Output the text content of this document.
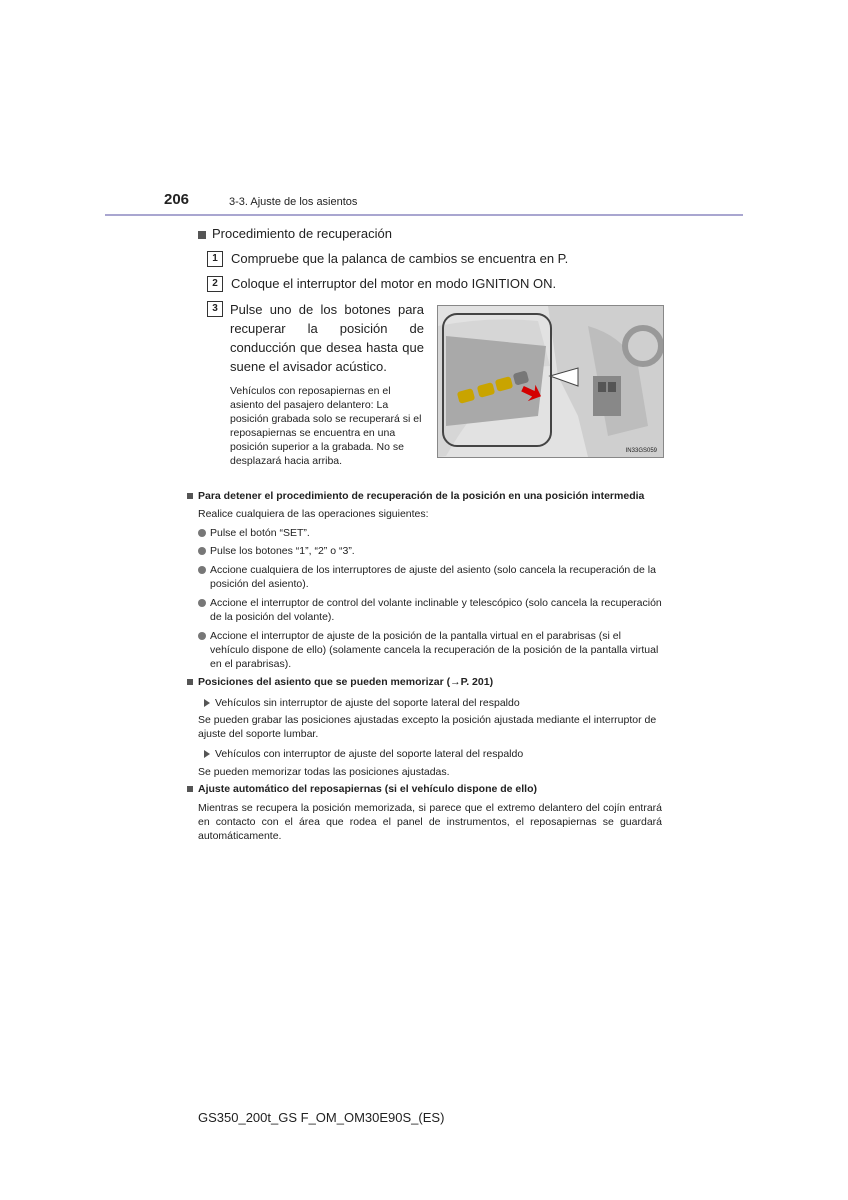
206	3-3. Ajuste de los asientos
Procedimiento de recuperación
1 Compruebe que la palanca de cambios se encuentra en P.
2 Coloque el interruptor del motor en modo IGNITION ON.
3 Pulse uno de los botones para recuperar la posición de conducción que desea hasta que suene el avisador acústico.
Vehículos con reposapiernas en el asiento del pasajero delantero: La posición grabada solo se recuperará si el reposapiernas se encuentra en una posición superior a la grabada. No se desplazará hacia arriba.
IN33GS059
Para detener el procedimiento de recuperación de la posición en una posición intermedia
Realice cualquiera de las operaciones siguientes:
Pulse el botón “SET”.
Pulse los botones “1”, “2” o “3”.
Accione cualquiera de los interruptores de ajuste del asiento (solo cancela la recuperación de la posición del asiento).
Accione el interruptor de control del volante inclinable y telescópico (solo cancela la recuperación de la posición del volante).
Accione el interruptor de ajuste de la posición de la pantalla virtual en el parabrisas (si el vehículo dispone de ello) (solamente cancela la recuperación de la posición de la pantalla virtual en el parabrisas).
Posiciones del asiento que se pueden memorizar (→P. 201)
Vehículos sin interruptor de ajuste del soporte lateral del respaldo
Se pueden grabar las posiciones ajustadas excepto la posición ajustada mediante el interruptor de ajuste del soporte lumbar.
Vehículos con interruptor de ajuste del soporte lateral del respaldo
Se pueden memorizar todas las posiciones ajustadas.
Ajuste automático del reposapiernas (si el vehículo dispone de ello)
Mientras se recupera la posición memorizada, si parece que el extremo delantero del cojín entrará en contacto con el área que rodea el panel de instrumentos, el reposapiernas se guardará automáticamente.
GS350_200t_GS F_OM_OM30E90S_(ES)
